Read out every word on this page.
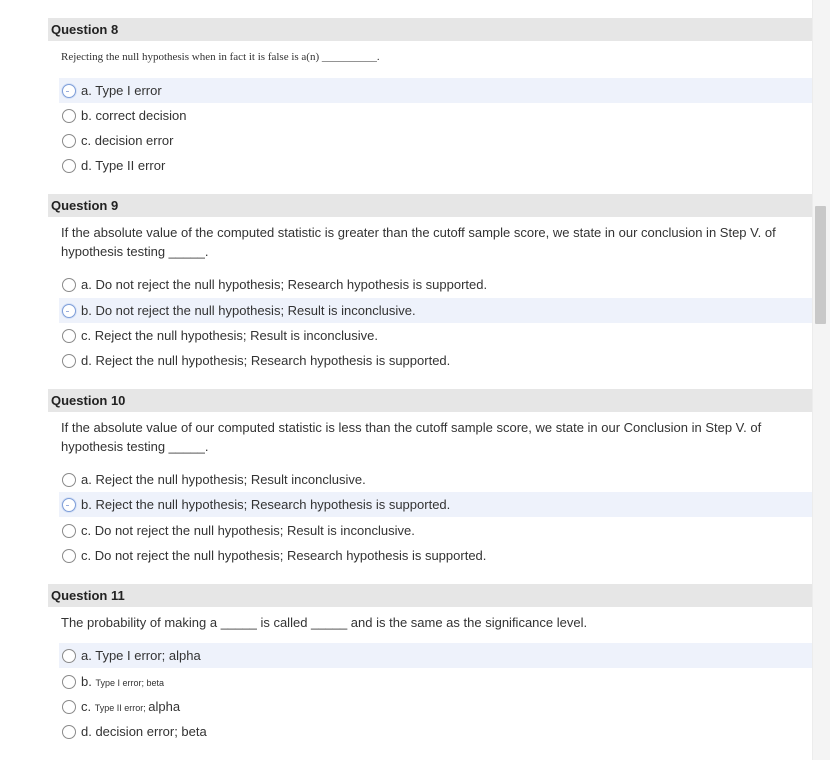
Question 8
Rejecting the null hypothesis when in fact it is false is a(n) __________.
a. Type I error
b. correct decision
c. decision error
d. Type II error
Question 9
If the absolute value of the computed statistic is greater than the cutoff sample score, we state in our conclusion in Step V. of hypothesis testing _____.
a. Do not reject the null hypothesis; Research hypothesis is supported.
b. Do not reject the null hypothesis; Result is inconclusive.
c. Reject the null hypothesis; Result is inconclusive.
d. Reject the null hypothesis; Research hypothesis is supported.
Question 10
If the absolute value of our computed statistic is less than the cutoff sample score, we state in our Conclusion in Step V. of hypothesis testing _____.
a. Reject the null hypothesis; Result inconclusive.
b. Reject the null hypothesis; Research hypothesis is supported.
c. Do not reject the null hypothesis; Result is inconclusive.
c. Do not reject the null hypothesis; Research hypothesis is supported.
Question 11
The probability of making a _____ is called _____ and is the same as the significance level.
a. Type I error; alpha
b. Type I error; beta
c. Type II error; alpha
d. decision error; beta
